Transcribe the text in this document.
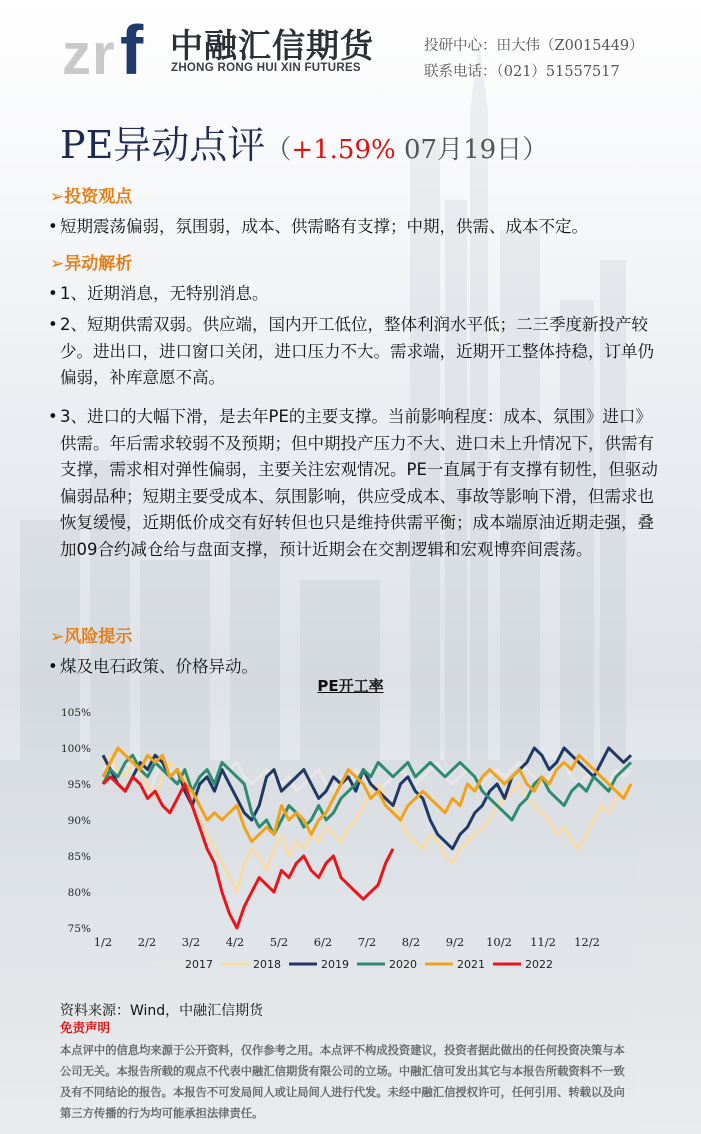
z r f 中融汇信期货
ZHONG RONG HUI XIN FUTURES
投研中心：田大伟（Z0015449）
联系电话：（021）51557517
PE异动点评（+1.59% 07月19日）
➢投资观点
• 短期震荡偏弱，氛围弱，成本、供需略有支撑；中期，供需、成本不定。
➢异动解析
• 1、近期消息，无特别消息。
• 2、短期供需双弱。供应端，国内开工低位，整体利润水平低；二三季度新投产较少。进出口，进口窗口关闭，进口压力不大。需求端，近期开工整体持稳，订单仍偏弱，补库意愿不高。
• 3、进口的大幅下滑，是去年PE的主要支撑。当前影响程度：成本、氛围》进口》供需。年后需求较弱不及预期；但中期投产压力不大、进口未上升情况下，供需有支撑，需求相对弹性偏弱，主要关注宏观情况。PE一直属于有支撑有韧性，但驱动偏弱品种；短期主要受成本、氛围影响，供应受成本、事故等影响下滑，但需求也恢复缓慢，近期低价成交有好转但也只是维持供需平衡；成本端原油近期走强，叠加09合约减仓给与盘面支撑，预计近期会在交割逻辑和宏观博弈间震荡。
➢风险提示
• 煤及电石政策、价格异动。
PE开工率
75%
80%
85%
90%
95%
100%
105%
1/2 2/2 3/2 4/2 5/2 6/2 7/2 8/2 9/2 10/2 11/2 12/2
2017	2018	2019	2020	2021	2022
资料来源：Wind，中融汇信期货
免责声明
本点评中的信息均来源于公开资料，仅作参考之用。本点评不构成投资建议，投资者据此做出的任何投资决策与本公司无关。本报告所载的观点不代表中融汇信期货有限公司的立场。中融汇信可发出其它与本报告所载资料不一致及有不同结论的报告。本报告不可发局间人或让局间人进行代发。未经中融汇信授权许可，任何引用、转载以及向第三方传播的行为均可能承担法律责任。
